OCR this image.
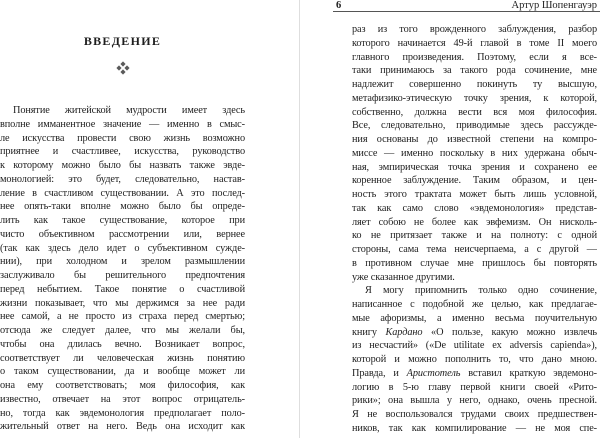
ВВЕДЕНИЕ
Понятие житейской мудрости имеет здесь
вполне имманентное значение — именно в смыс-
ле искусства провести свою жизнь возможно
приятнее и счастливее, искусства, руководство
к которому можно было бы назвать также эвде-
монологией: это будет, следовательно, настав-
ление в счастливом существовании. А это послед-
нее опять-таки вполне можно было бы опреде-
лить как такое существование, которое при
чисто объективном рассмотрении или, вернее
(так как здесь дело идет о субъективном сужде-
нии), при холодном и зрелом размышлении
заслуживало бы решительного предпочтения
перед небытием. Такое понятие о счастливой
жизни показывает, что мы держимся за нее ради
нее самой, а не просто из страха перед смертью;
отсюда же следует далее, что мы желали бы,
чтобы она длилась вечно. Возникает вопрос,
соответствует ли человеческая жизнь понятию
о таком существовании, да и вообще может ли
она ему соответствовать; моя философия, как
известно, отвечает на этот вопрос отрицатель-
но, тогда как эвдемонология предполагает поло-
жительный ответ на него. Ведь она исходит как
6	Артур Шопенгауэр
раз из того врожденного заблуждения, разбор
которого начинается 49-й главой в томе II моего
главного произведения. Поэтому, если я все-
таки принимаюсь за такого рода сочинение, мне
надлежит совершенно покинуть ту высшую,
метафизико-этическую точку зрения, к которой,
собственно, должна вести вся моя философия.
Все, следовательно, приводимые здесь рассужде-
ния основаны до известной степени на компро-
миссе — именно поскольку в них удержана обыч-
ная, эмпирическая точка зрения и сохранено ее
коренное заблуждение. Таким образом, и цен-
ность этого трактата может быть лишь условной,
так как само слово «эвдемонология» представ-
ляет собою не более как эвфемизм. Он нисколь-
ко не притязает также и на полноту: с одной
стороны, сама тема неисчерпаема, а с другой —
в противном случае мне пришлось бы повторять
уже сказанное другими.
Я могу припомнить только одно сочинение,
написанное с подобной же целью, как предлагае-
мые афоризмы, а именно весьма поучительную
книгу Кардано «О пользе, какую можно извлечь
из несчастий» («De utilitate ex adversis capienda»),
которой и можно пополнить то, что дано мною.
Правда, и Аристотель вставил краткую эвдемоно-
логию в 5-ю главу первой книги своей «Рито-
рики»; она вышла у него, однако, очень пресной.
Я не воспользовался трудами своих предшествен-
ников, так как компилирование — не моя спе-
